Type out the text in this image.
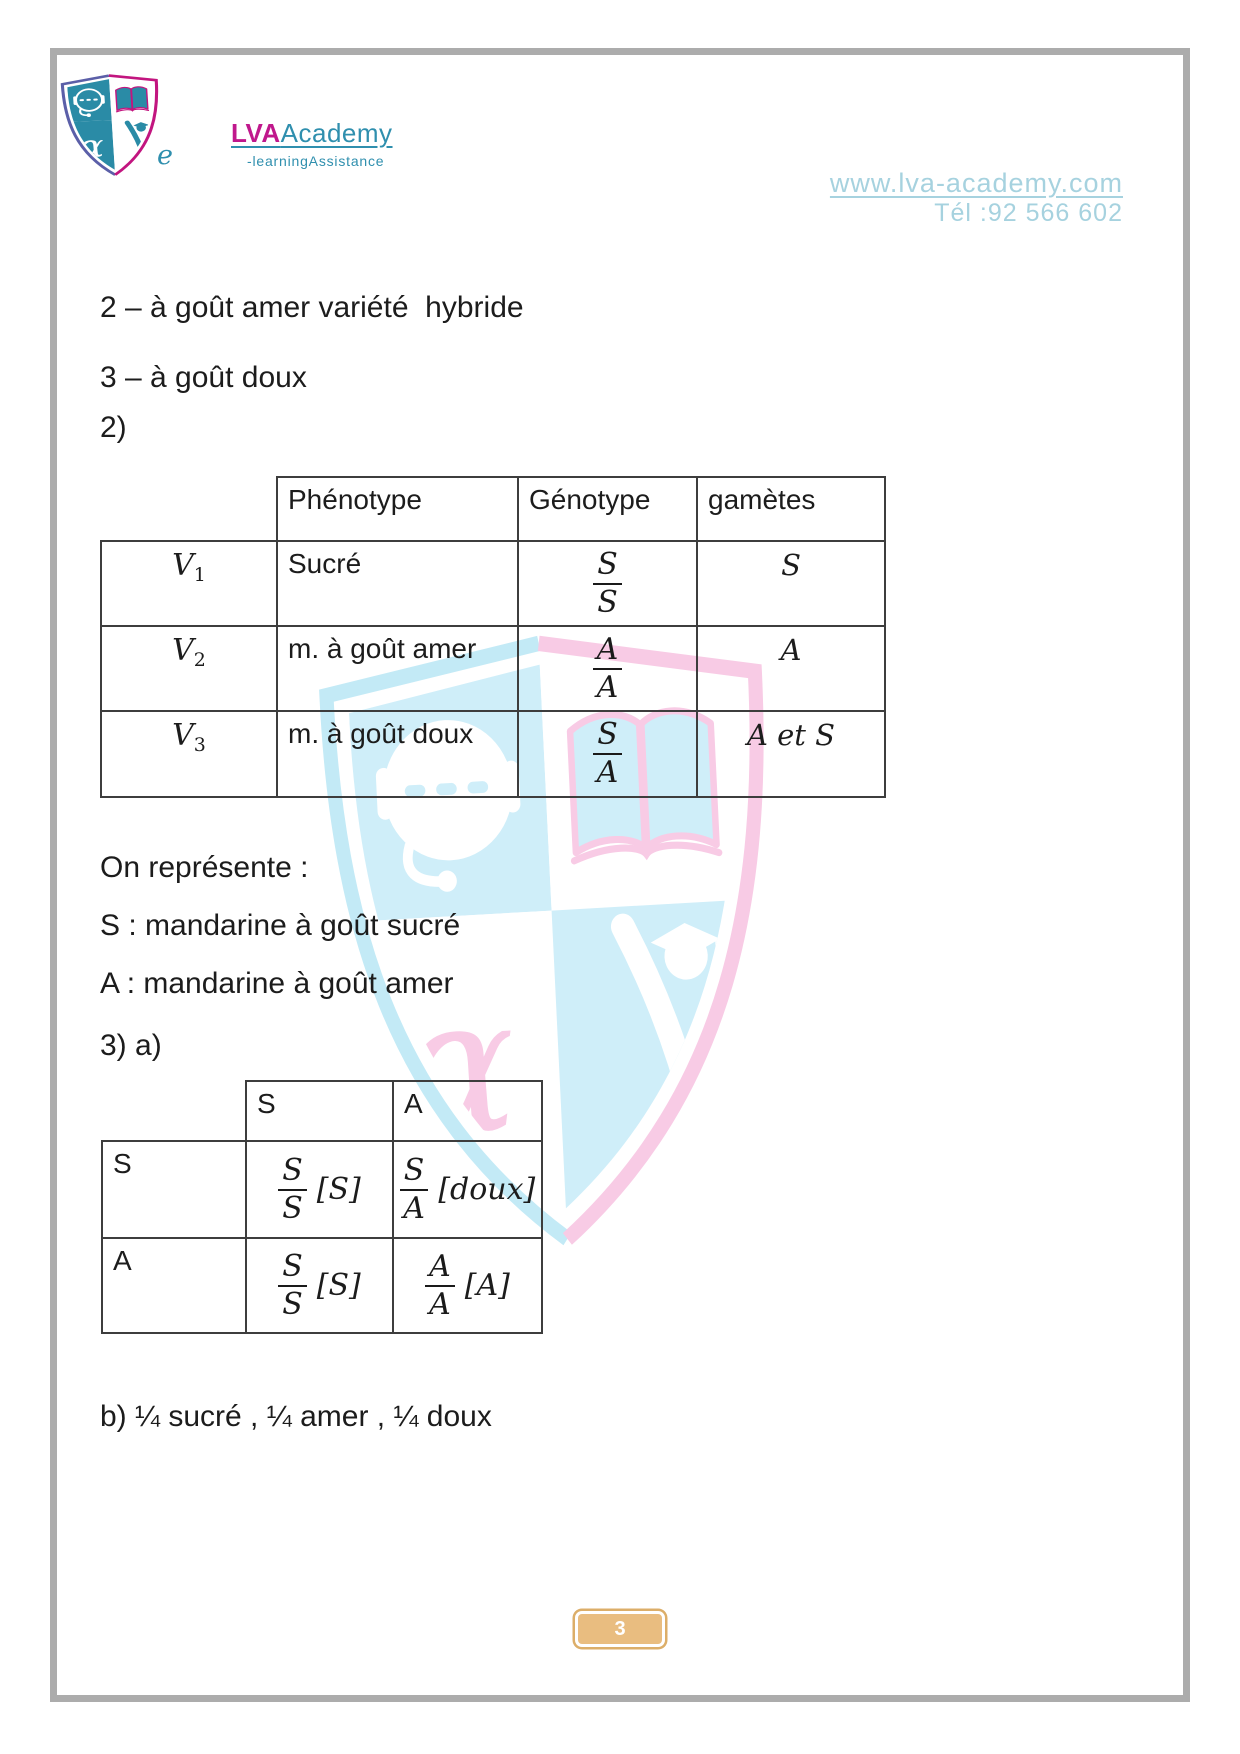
e
LVAAcademy
-learningAssistance
www.lva-academy.com
Tél :92 566 602
2 – à goût amer variété  hybride
3 – à goût doux
2)
	Phénotype	Génotype	gamètes
$V_1$	Sucré	$\frac{S}{S}$	S
$V_2$	m. à goût amer	$\frac{A}{A}$	A
$V_3$	m. à goût doux	$\frac{S}{A}$	A et S
On représente :
S : mandarine à goût sucré
A : mandarine à goût amer
3) a)
	S	A
S	$\frac{S}{S} [S]$	$\frac{S}{A}$ [doux]

A	$\frac{S}{S} [S]$	$\frac{A}{A} [A]$
b) ¼ sucré , ¼ amer , ¼ doux
3
